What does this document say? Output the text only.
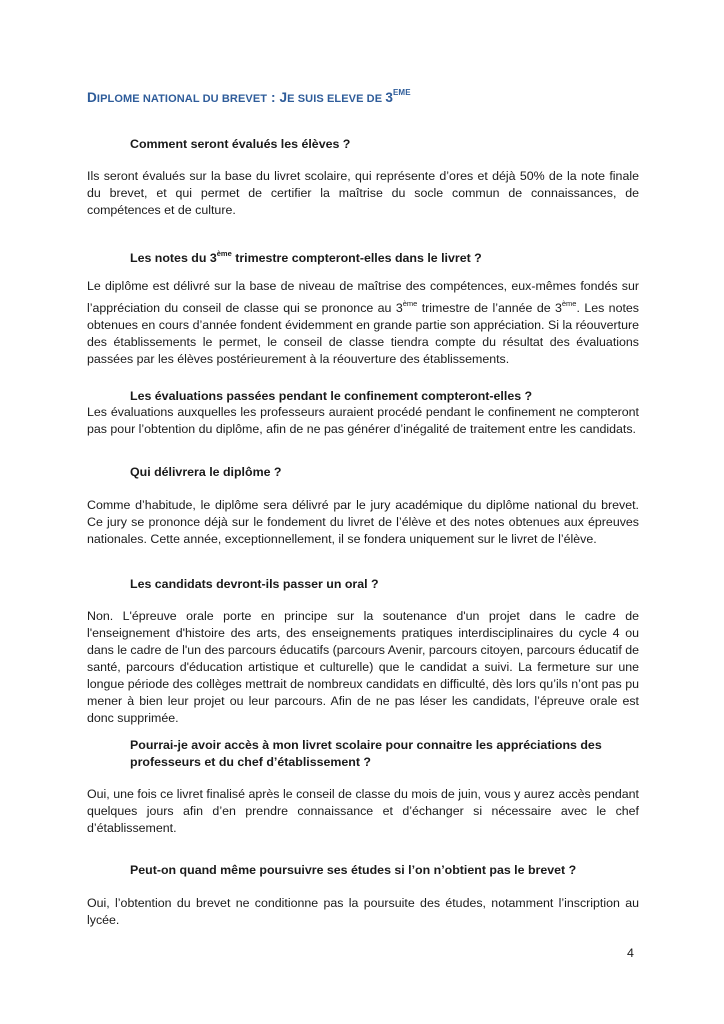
DIPLOME NATIONAL DU BREVET : JE SUIS ELEVE DE 3EME
Comment seront évalués les élèves ?
Ils seront évalués sur la base du livret scolaire, qui représente d’ores et déjà 50% de la note finale du brevet, et qui permet de certifier la maîtrise du socle commun de connaissances, de compétences et de culture.
Les notes du 3ème trimestre compteront-elles dans le livret ?
Le diplôme est délivré sur la base de niveau de maîtrise des compétences, eux-mêmes fondés sur l’appréciation du conseil de classe qui se prononce au 3ème trimestre de l’année de 3ème. Les notes obtenues en cours d’année fondent évidemment en grande partie son appréciation. Si la réouverture des établissements le permet, le conseil de classe tiendra compte du résultat des évaluations passées par les élèves postérieurement à la réouverture des établissements.
Les évaluations passées pendant le confinement compteront-elles ?
Les évaluations auxquelles les professeurs auraient procédé pendant le confinement ne compteront pas pour l’obtention du diplôme, afin de ne pas générer d’inégalité de traitement entre les candidats.
Qui délivrera le diplôme ?
Comme d’habitude, le diplôme sera délivré par le jury académique du diplôme national du brevet. Ce jury se prononce déjà sur le fondement du livret de l’élève et des notes obtenues aux épreuves nationales. Cette année, exceptionnellement, il se fondera uniquement sur le livret de l’élève.
Les candidats devront-ils passer un oral ?
Non. L'épreuve orale porte en principe sur la soutenance d'un projet dans le cadre de l'enseignement d'histoire des arts, des enseignements pratiques interdisciplinaires du cycle 4 ou dans le cadre de l'un des parcours éducatifs (parcours Avenir, parcours citoyen, parcours éducatif de santé, parcours d'éducation artistique et culturelle) que le candidat a suivi. La fermeture sur une longue période des collèges mettrait de nombreux candidats en difficulté, dès lors qu’ils n’ont pas pu mener à bien leur projet ou leur parcours. Afin de ne pas léser les candidats, l’épreuve orale est donc supprimée.
Pourrai-je avoir accès à mon livret scolaire pour connaitre les appréciations des professeurs et du chef d’établissement ?
Oui, une fois ce livret finalisé après le conseil de classe du mois de juin, vous y aurez accès pendant quelques jours afin d’en prendre connaissance et d’échanger si nécessaire avec le chef d’établissement.
Peut-on quand même poursuivre ses études si l’on n’obtient pas le brevet ?
Oui, l’obtention du brevet ne conditionne pas la poursuite des études, notamment l’inscription au lycée.
4
